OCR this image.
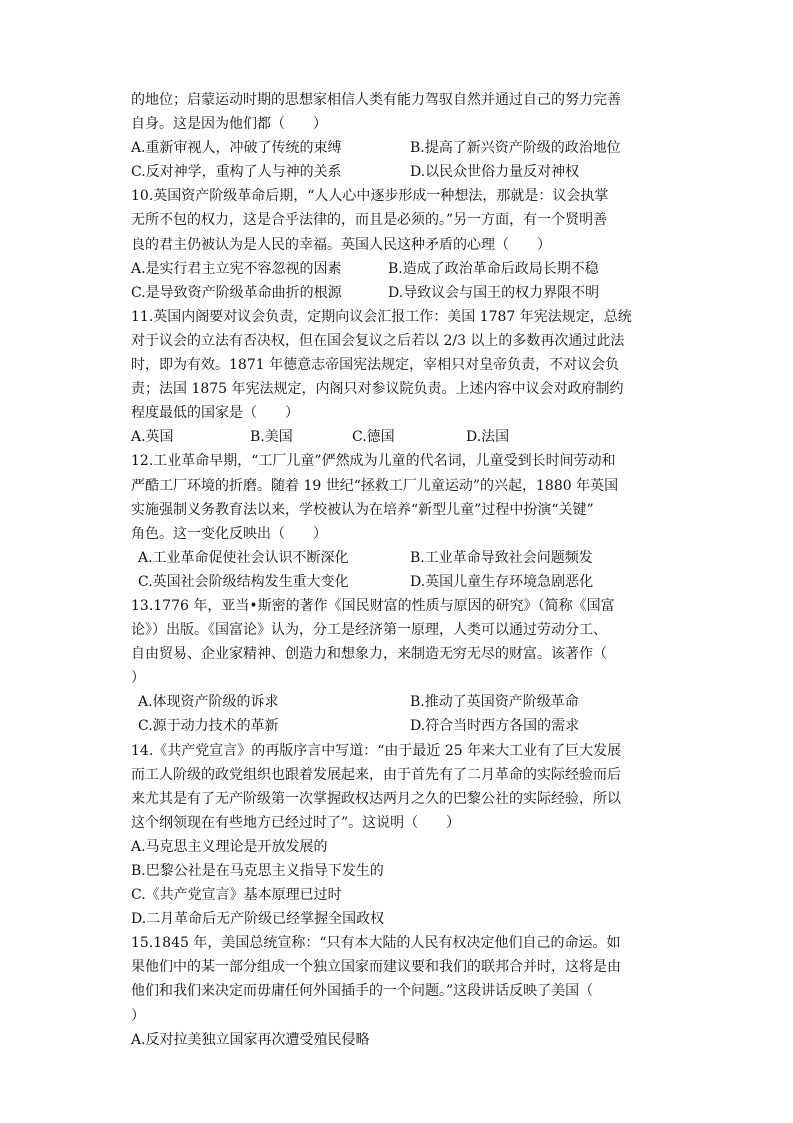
的地位；启蒙运动时期的思想家相信人类有能力驾驭自然并通过自己的努力完善
自身。这是因为他们都（　　）
A.重新审视人，冲破了传统的束缚	B.提高了新兴资产阶级的政治地位
C.反对神学，重构了人与神的关系	D.以民众世俗力量反对神权
10.英国资产阶级革命后期，“人人心中逐步形成一种想法，那就是：议会执掌
无所不包的权力，这是合乎法律的，而且是必须的。”另一方面，有一个贤明善
良的君主仍被认为是人民的幸福。英国人民这种矛盾的心理（　　）
A.是实行君主立宪不容忽视的因素	B.造成了政治革命后政局长期不稳
C.是导致资产阶级革命曲折的根源	D.导致议会与国王的权力界限不明
11.英国内阁要对议会负责，定期向议会汇报工作：美国 1787 年宪法规定，总统
对于议会的立法有否决权，但在国会复议之后若以 2/3 以上的多数再次通过此法
时，即为有效。1871 年德意志帝国宪法规定，宰相只对皇帝负责，不对议会负
责；法国 1875 年宪法规定，内阁只对参议院负责。上述内容中议会对政府制约
程度最低的国家是（　　）
A.英国	B.美国	C.德国	D.法国
12.工业革命早期，“工厂儿童”俨然成为儿童的代名词，儿童受到长时间劳动和
严酷工厂环境的折磨。随着 19 世纪“拯救工厂儿童运动”的兴起，1880 年英国
实施强制义务教育法以来，学校被认为在培养“新型儿童”过程中扮演“关键”
角色。这一变化反映出（　　）
A.工业革命促使社会认识不断深化	B.工业革命导致社会问题频发
C.英国社会阶级结构发生重大变化	D.英国儿童生存环境急剧恶化
13.1776 年，亚当•斯密的著作《国民财富的性质与原因的研究》（简称《国富
论》）出版。《国富论》认为，分工是经济第一原理，人类可以通过劳动分工、
自由贸易、企业家精神、创造力和想象力，来制造无穷无尽的财富。该著作（
）
A.体现资产阶级的诉求	B.推动了英国资产阶级革命
C.源于动力技术的革新	D.符合当时西方各国的需求
14.《共产党宣言》的再版序言中写道：“由于最近 25 年来大工业有了巨大发展
而工人阶级的政党组织也跟着发展起来，由于首先有了二月革命的实际经验而后
来尤其是有了无产阶级第一次掌握政权达两月之久的巴黎公社的实际经验，所以
这个纲领现在有些地方已经过时了”。这说明（　　）
A.马克思主义理论是开放发展的
B.巴黎公社是在马克思主义指导下发生的
C.《共产党宣言》基本原理已过时
D.二月革命后无产阶级已经掌握全国政权
15.1845 年，美国总统宣称：“只有本大陆的人民有权决定他们自己的命运。如
果他们中的某一部分组成一个独立国家而建议要和我们的联邦合并时，这将是由
他们和我们来决定而毋庸任何外国插手的一个问题。”这段讲话反映了美国（
）
A.反对拉美独立国家再次遭受殖民侵略
